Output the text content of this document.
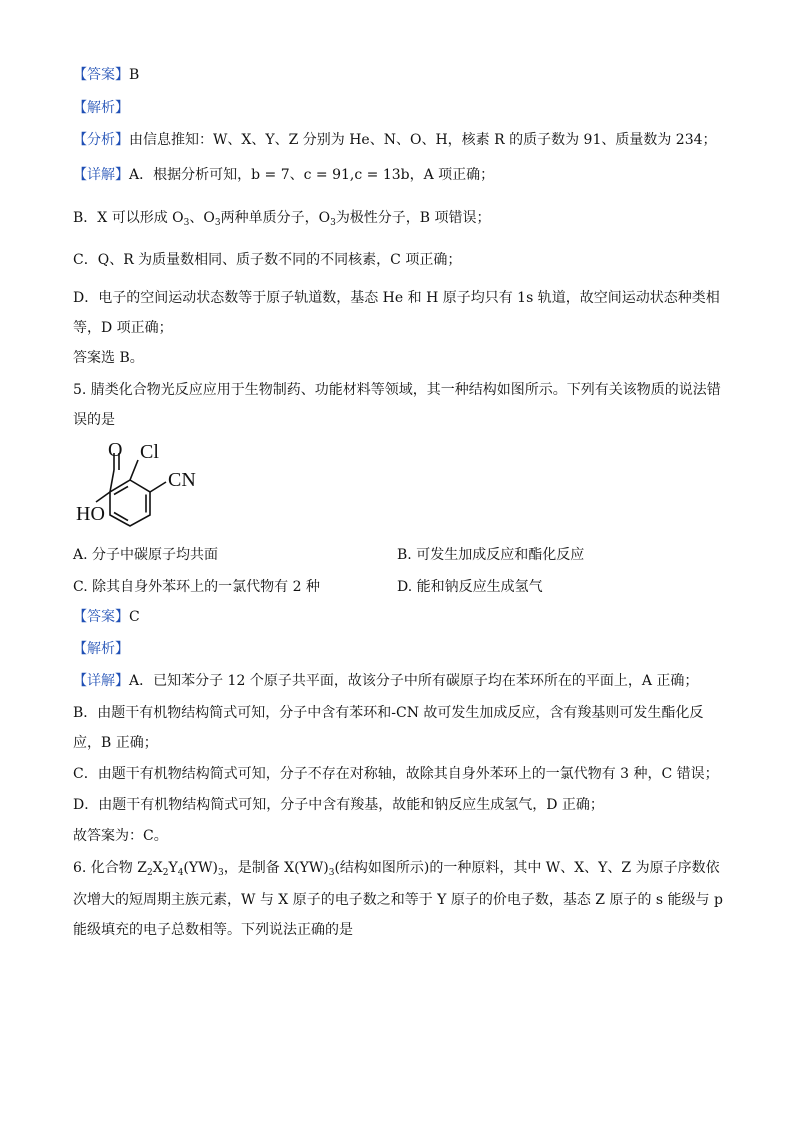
【答案】B
【解析】
【分析】由信息推知：W、X、Y、Z 分别为 He、N、O、H，核素 R 的质子数为 91、质量数为 234；
【详解】A．根据分析可知，b = 7、c = 91,c = 13b，A 项正确；
B．X 可以形成 $O_3$、$O_3$两种单质分子，$O_3$为极性分子，B 项错误；
C．Q、R 为质量数相同、质子数不同的不同核素，C 项正确；
D．电子的空间运动状态数等于原子轨道数，基态 He 和 H 原子均只有 1s 轨道，故空间运动状态种类相
等，D 项正确；
答案选 B。
5. 腈类化合物光反应应用于生物制药、功能材料等领域，其一种结构如图所示。下列有关该物质的说法错
误的是
O Cl
CN
HO
A. 分子中碳原子均共面	B. 可发生加成反应和酯化反应
C. 除其自身外苯环上的一氯代物有 2 种	D. 能和钠反应生成氢气
【答案】C
【解析】
【详解】A．已知苯分子 12 个原子共平面，故该分子中所有碳原子均在苯环所在的平面上，A 正确；
B．由题干有机物结构简式可知，分子中含有苯环和-CN 故可发生加成反应，含有羧基则可发生酯化反
应，B 正确；
C．由题干有机物结构简式可知，分子不存在对称轴，故除其自身外苯环上的一氯代物有 3 种，C 错误；
D．由题干有机物结构简式可知，分子中含有羧基，故能和钠反应生成氢气，D 正确；
故答案为：C。
6. 化合物 $Z_2X_2Y_4(YW)_3$，是制备 $X(YW)_3$(结构如图所示)的一种原料，其中 W、X、Y、Z 为原子序数依
次增大的短周期主族元素，W 与 X 原子的电子数之和等于 Y 原子的价电子数，基态 Z 原子的 s 能级与 p
能级填充的电子总数相等。下列说法正确的是
